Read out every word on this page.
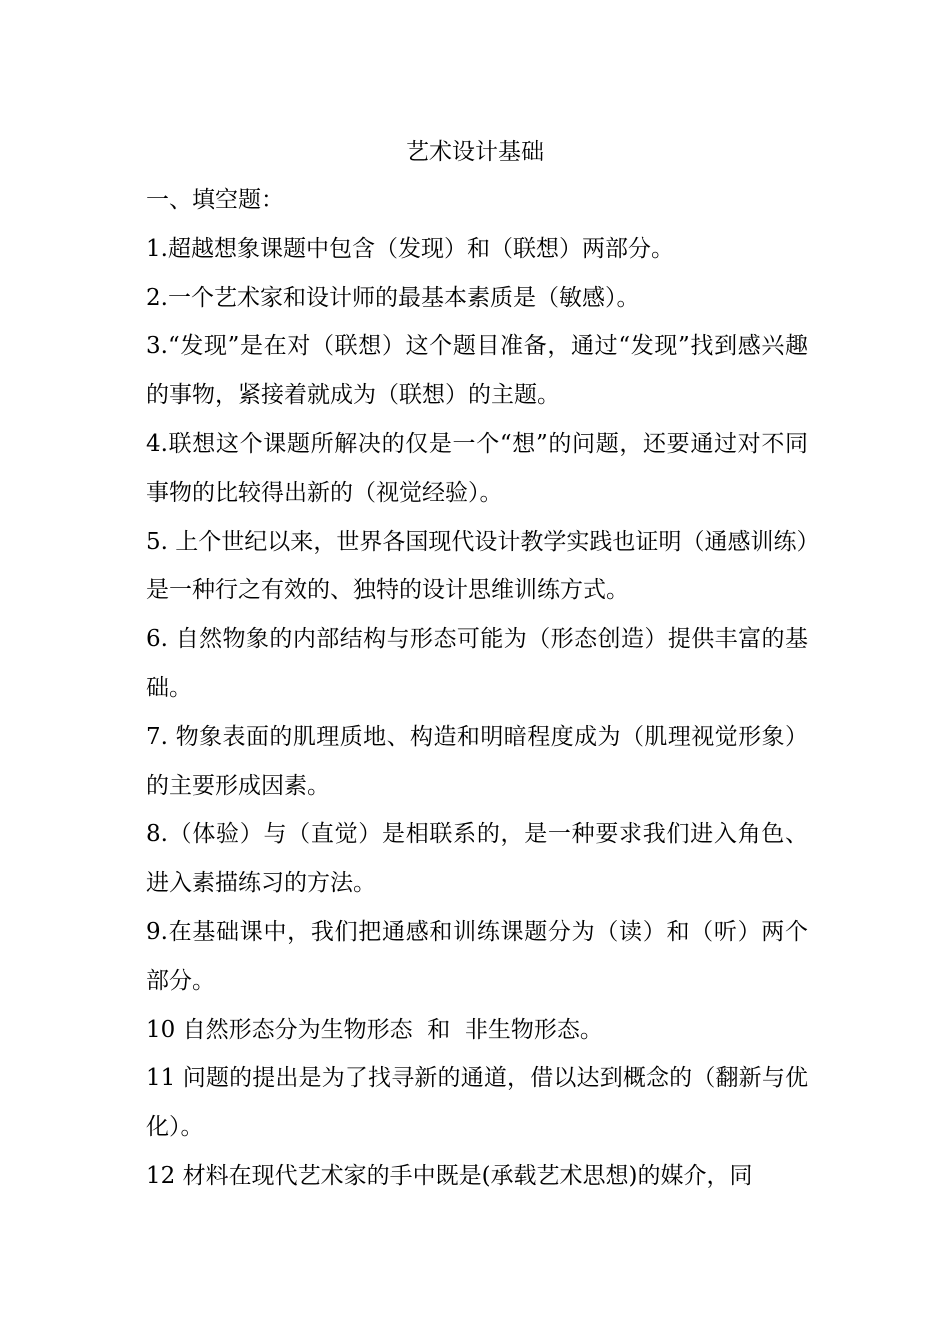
艺术设计基础

一、填空题：

1.超越想象课题中包含（发现）和（联想）两部分。

2.一个艺术家和设计师的最基本素质是（敏感）。

3.“发现”是在对（联想）这个题目准备，通过“发现”找到感兴趣的事物，紧接着就成为（联想）的主题。

4.联想这个课题所解决的仅是一个“想”的问题，还要通过对不同事物的比较得出新的（视觉经验）。

5. 上个世纪以来，世界各国现代设计教学实践也证明（通感训练）是一种行之有效的、独特的设计思维训练方式。

6. 自然物象的内部结构与形态可能为（形态创造）提供丰富的基础。

7. 物象表面的肌理质地、构造和明暗程度成为（肌理视觉形象）的主要形成因素。

8.（体验）与（直觉）是相联系的，是一种要求我们进入角色、进入素描练习的方法。

9.在基础课中，我们把通感和训练课题分为（读）和（听）两个部分。

10 自然形态分为生物形态  和  非生物形态。

11 问题的提出是为了找寻新的通道，借以达到概念的（翻新与优化）。

12 材料在现代艺术家的手中既是(承载艺术思想)的媒介，同
